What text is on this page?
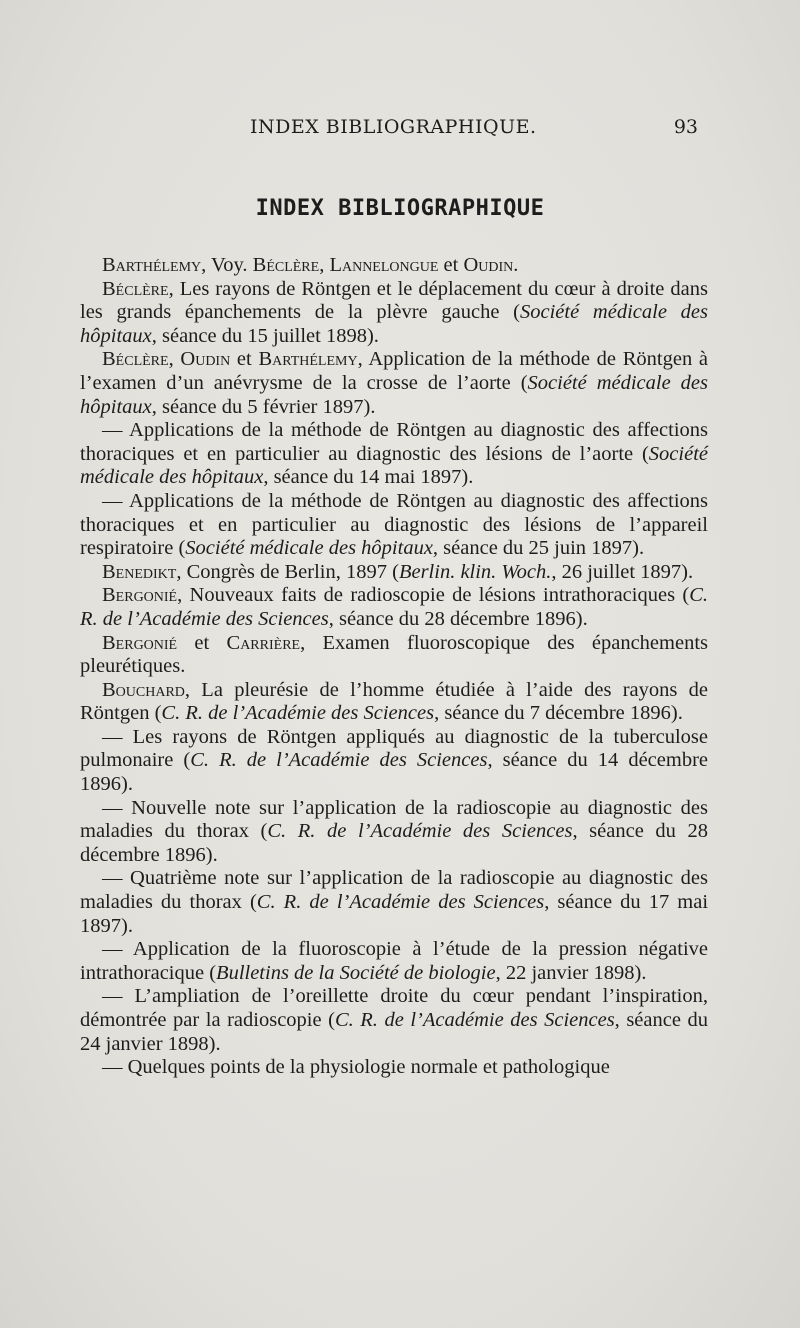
INDEX BIBLIOGRAPHIQUE.	93
INDEX BIBLIOGRAPHIQUE

Barthélemy, Voy. Béclère, Lannelongue et Oudin.

Béclère, Les rayons de Röntgen et le déplacement du cœur à droite dans les grands épanchements de la plèvre gauche (Société médicale des hôpitaux, séance du 15 juillet 1898).

Béclère, Oudin et Barthélemy, Application de la méthode de Röntgen à l’examen d’un anévrysme de la crosse de l’aorte (Société médicale des hôpitaux, séance du 5 février 1897).

— Applications de la méthode de Röntgen au diagnostic des affections thoraciques et en particulier au diagnostic des lésions de l’aorte (Société médicale des hôpitaux, séance du 14 mai 1897).

— Applications de la méthode de Röntgen au diagnostic des affections thoraciques et en particulier au diagnostic des lésions de l’appareil respiratoire (Société médicale des hôpitaux, séance du 25 juin 1897).

Benedikt, Congrès de Berlin, 1897 (Berlin. klin. Woch., 26 juillet 1897).

Bergonié, Nouveaux faits de radioscopie de lésions intrathoraciques (C. R. de l’Académie des Sciences, séance du 28 décembre 1896).

Bergonié et Carrière, Examen fluoroscopique des épanchements pleurétiques.

Bouchard, La pleurésie de l’homme étudiée à l’aide des rayons de Röntgen (C. R. de l’Académie des Sciences, séance du 7 décembre 1896).

— Les rayons de Röntgen appliqués au diagnostic de la tuberculose pulmonaire (C. R. de l’Académie des Sciences, séance du 14 décembre 1896).

— Nouvelle note sur l’application de la radioscopie au diagnostic des maladies du thorax (C. R. de l’Académie des Sciences, séance du 28 décembre 1896).

— Quatrième note sur l’application de la radioscopie au diagnostic des maladies du thorax (C. R. de l’Académie des Sciences, séance du 17 mai 1897).

— Application de la fluoroscopie à l’étude de la pression négative intrathoracique (Bulletins de la Société de biologie, 22 janvier 1898).

— L’ampliation de l’oreillette droite du cœur pendant l’inspiration, démontrée par la radioscopie (C. R. de l’Académie des Sciences, séance du 24 janvier 1898).

— Quelques points de la physiologie normale et pathologique
